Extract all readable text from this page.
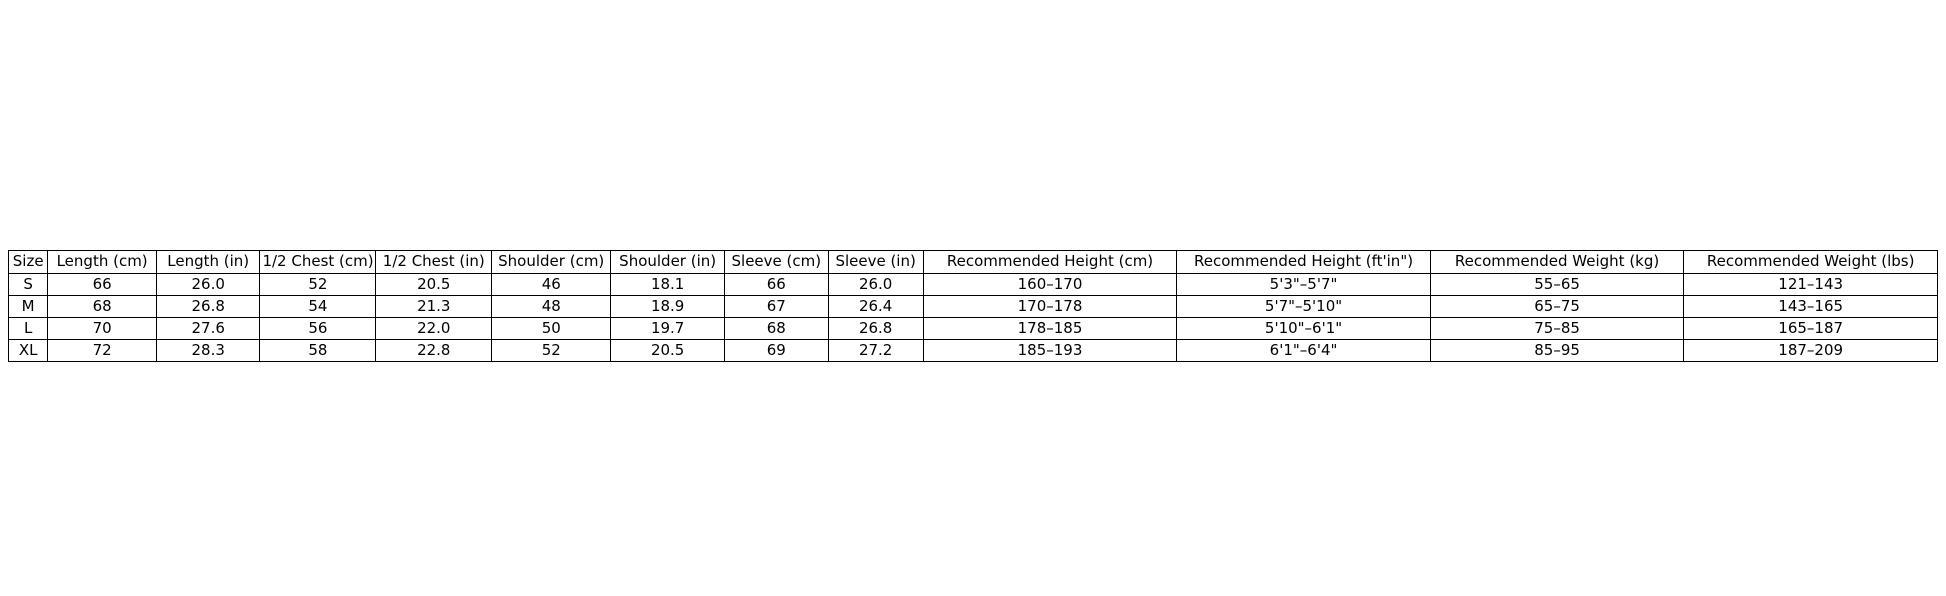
Size	Length (cm)	Length (in)	1/2 Chest (cm)	1/2 Chest (in)	Shoulder (cm)	Shoulder (in)	Sleeve (cm)	Sleeve (in)	Recommended Height (cm)	Recommended Height (ft'in")	Recommended Weight (kg)	Recommended Weight (lbs)
S	66	26.0	52	20.5	46	18.1	66	26.0	160–170	5'3"–5'7"	55–65	121–143
M	68	26.8	54	21.3	48	18.9	67	26.4	170–178	5'7"–5'10"	65–75	143–165
L	70	27.6	56	22.0	50	19.7	68	26.8	178–185	5'10"–6'1"	75–85	165–187
XL	72	28.3	58	22.8	52	20.5	69	27.2	185–193	6'1"–6'4"	85–95	187–209
